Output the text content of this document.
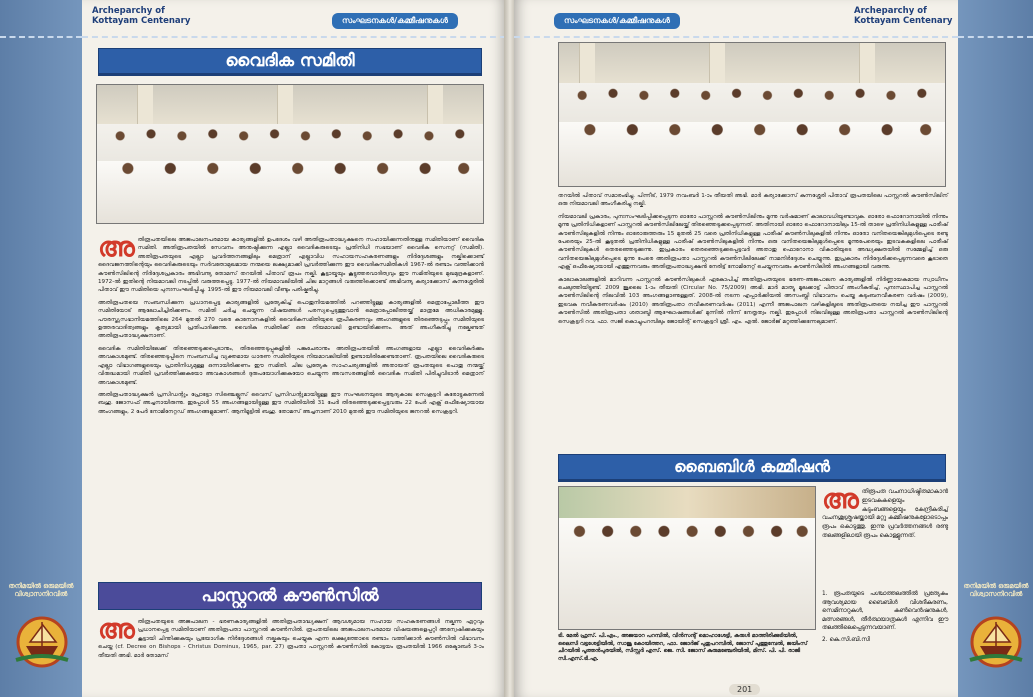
Archeparchy of
Kottayam Centenary	സംഘടനകൾ/കമ്മീഷനുകൾ
വൈദിക സമിതി

അതിരൂപതയിലെ അജപാലനപരമായ കാര്യങ്ങളിൽ ഉപദേശം വഴി അതിരൂപതാദ്ധ്യക്ഷനെ സഹായിക്കുന്നതിനുള്ള സമിതിയാണ് വൈദിക സമിതി. അതിരൂപതയിൽ സേവനം അനുഷ്ഠിക്കുന്ന എല്ലാ വൈദികരുടെയും പ്രതിനിധി സഭയാണ് വൈദിക സെനറ്റ് (സമിതി). അതിരൂപതയുടെ എല്ലാ പ്രവർത്തനങ്ങളിലും മെത്രാന് എല്ലാവിധ സഹായസഹകരണങ്ങളും നിർദ്ദേശങ്ങളും നല്കിക്കൊണ്ട് ദൈവജനത്തിന്റെയും വൈദികരുടെയും സർവതോമുഖമായ നന്മയെ ലക്ഷ്യമാക്കി പ്രവർത്തിക്കുന്ന ഈ വൈദികസമിതികൾ 1967-ൽ രണ്ടാം വത്തിക്കാൻ കൗൺസിലിന്റെ നിർദ്ദേശപ്രകാരം അഭിവന്ദ്യ തോമസ് തറയിൽ പിതാവ് രൂപം നല്കി. കൂട്ടായ്മയും കൂട്ടുത്തരവാദിത്വവും ഈ സമിതിയുടെ മുഖമുദ്രകളാണ്. 1972-ൽ ഇതിന്റെ നിയമാവലി നടപ്പിൽ വരുത്തപ്പെട്ടു. 1977-ൽ നിയമാവലിയിൽ ചില മാറ്റങ്ങൾ വരുത്തിക്കൊണ്ട് അഭിവന്ദ്യ കുര്യാക്കോസ് കുന്നശ്ശേരിൽ പിതാവ് ഈ സമിതിയെ പുനഃസംഘടിപ്പിച്ചു. 1995-ൽ ഈ നിയമാവലി വീണ്ടും പരിഷ്കരിച്ചു.

അതിരൂപതയെ സംബന്ധിക്കുന്ന പ്രധാനപ്പെട്ട കാര്യങ്ങളിൽ പ്രത്യേകിച്ച് പൊതുനിയമത്തിൽ പറഞ്ഞിട്ടുള്ള കാര്യങ്ങളിൽ മെത്രാപ്പോലീത്ത ഈ സമിതിയോട് ആലോചിച്ചിരിക്കണം. സമിതി ചർച്ച ചെയ്യുന്ന വിഷയങ്ങൾ പരസ്യപ്പെടുത്തുവാൻ മെത്രാപ്പോലീത്തയ്ക്ക് മാത്രമേ അധികാരമുള്ളൂ. പൗരസ്ത്യസഭാനിയമത്തിലെ 264 മുതൽ 270 വരെ കാനോനകളിൽ വൈദികസമിതിയുടെ രൂപീകരണവും അംഗങ്ങളുടെ തിരഞ്ഞെടുപ്പും സമിതിയുടെ ഉത്തരവാദിത്വങ്ങളും കൃത്യമായി പ്രതിപാദിക്കുന്നു. വൈദിക സമിതിക്ക് ഒരു നിയമാവലി ഉണ്ടായിരിക്കണം. അത് അംഗീകരിച്ചു നല്കേണ്ടത് അതിരൂപതാദ്ധ്യക്ഷനാണ്.

വൈദിക സമിതിയിലേക്ക് തിരഞ്ഞെടുക്കപ്പെടാനും, തിരഞ്ഞെടുപ്പുകളിൽ പങ്കുചേരാനും അതിരൂപതയിൽ അംഗങ്ങളായ എല്ലാ വൈദികർക്കും അവകാശമുണ്ട്. തിരഞ്ഞെടുപ്പിനെ സംബന്ധിച്ച വ്യക്തമായ ധാരണ സമിതിയുടെ നിയമാവലിയിൽ ഉണ്ടായിരിക്കേണ്ടതാണ്. രൂപതയിലെ വൈദികരുടെ എല്ലാ വിഭാഗങ്ങളുടെയും പ്രാതിനിധ്യമുള്ള ഒന്നായിരിക്കണം ഈ സമിതി. ചില പ്രത്യേക സാഹചര്യങ്ങളിൽ അതായത് രൂപതയുടെ പൊതു നന്മയ്ക്ക് വിരുദ്ധമായി സമിതി പ്രവർത്തിക്കുകയോ അവകാശങ്ങൾ ദുരുപയോഗിക്കുകയോ ചെയ്യുന്ന അവസരങ്ങളിൽ വൈദിക സമിതി പിരിച്ചുവിടാൻ മെത്രാന് അവകാശമുണ്ട്.

അതിരൂപതാദ്ധ്യക്ഷൻ പ്രസിഡന്റും പ്രോട്ടോ സിഞ്ചെല്ലൂസ് വൈസ് പ്രസിഡന്റുമായിട്ടുള്ള ഈ സംഘടനയുടെ ആദ്യകാല സെക്രട്ടറി കരോട്ടുകുന്നേൽ ബഹു. ജോസഫ് അച്ചനായിരുന്നു. ഇപ്പോൾ 55 അംഗങ്ങളായിട്ടുള്ള ഈ സമിതിയിൽ 31 പേർ തിരഞ്ഞെടുക്കപ്പെട്ടവരും 22 പേർ എക്സ് ഒഫീഷ്യോയായ അംഗങ്ങളും, 2 പേർ നോമിനേറ്റഡ് അംഗങ്ങളുമാണ്. ആനിമൂട്ടിൽ ബഹു. തോമസ് അച്ചനാണ് 2010 മുതൽ ഈ സമിതിയുടെ ജനറൽ സെക്രട്ടറി.

പാസ്റ്ററൽ കൗൺസിൽ

അതിരൂപതയുടെ അജപാലന - ഭരണകാര്യങ്ങളിൽ അതിരൂപതാദ്ധ്യക്ഷന് ആവശ്യമായ സഹായ സഹകരണങ്ങൾ നല്കുന്ന ഏറ്റവും പ്രധാനപ്പെട്ട സമിതിയാണ് അതിരൂപതാ പാസ്റ്ററൽ കൗൺസിൽ. രൂപതയിലെ അജപാലനപരമായ വിഷയങ്ങളെപ്പറ്റി അന്വേഷിക്കുകയും കൂട്ടായി ചിന്തിക്കുകയും പ്രയോഗിക നിർദ്ദേശങ്ങൾ നല്കുകയും ചെയ്യുക എന്ന ലക്ഷ്യത്തോടെ രണ്ടാം വത്തിക്കാൻ കൗൺസിൽ വിഭാവനം ചെയ്ത (cf. Decree on Bishops - Christus Dominus, 1965, par. 27) രൂപതാ പാസ്റ്ററൽ കൗൺസിൽ കോട്ടയം രൂപതയിൽ 1966 ഒക്ടോബർ 3-ാം തീയതി അഭി. മാർ തോമസ്

സംഘടനകൾ/കമ്മീഷനുകൾ
Archeparchy of
Kottayam Centenary

തറയിൽ പിതാവ് സമാരംഭിച്ചു. പിന്നീട്, 1979 നവംബർ 1-ാം തീയതി അഭി. മാർ കുര്യാക്കോസ് കുന്നശ്ശേരി പിതാവ് രൂപതയിലെ പാസ്റ്ററൽ കൗൺസിലിന് ഒരു നിയമാവലി അംഗീകരിച്ചു നല്കി.

നിയമാവലി പ്രകാരം, പുനഃസംഘടിപ്പിക്കപ്പെടുന്ന ഓരോ പാസ്റ്ററൽ കൗൺസിലിനും മൂന്നു വർഷമാണ് കാലാവധിയുണ്ടാവുക. ഓരോ ഫൊറോനായിൽ നിന്നും മൂന്നു പ്രതിനിധികളാണ് പാസ്റ്ററൽ കൗൺസിലിലേയ്ക്ക് തിരഞ്ഞെടുക്കപ്പെടുന്നത്. അതിനായി ഓരോ ഫൊറോനായിലും 15-ൽ താഴെ പ്രതിനിധികളുള്ള പാരീഷ് കൗൺസിലുകളിൽ നിന്നും ഓരോരുത്തരും 15 മുതൽ 25 വരെ പ്രതിനിധികളുള്ള പാരീഷ് കൗൺസിലുകളിൽ നിന്നും ഓരോ വനിതയെങ്കിലുമുൾപ്പെടെ രണ്ടു പേരെയും 25-ൽ കൂടുതൽ പ്രതിനിധികളുള്ള പാരീഷ് കൗൺസിലുകളിൽ നിന്നും ഒരു വനിതയെങ്കിലുമുൾപ്പെടെ മൂന്നുപേരെയും ഇടവകകളിലെ പാരീഷ് കൗൺസിലുകൾ തെരഞ്ഞെടുക്കുന്നു. ഇപ്രകാരം തെരഞ്ഞെടുക്കപ്പെട്ടവർ അതാതു ഫൊറോനാ വികാരിയുടെ അദ്ധ്യക്ഷതയിൽ സമ്മേളിച്ച് ഒരു വനിതയെങ്കിലുമുൾപ്പെടെ മൂന്നു പേരെ അതിരൂപതാ പാസ്റ്ററൽ കൗൺസിലിലേക്ക് നാമനിർദ്ദേശം ചെയ്യുന്നു. ഇപ്രകാരം നിർദ്ദേശിക്കപ്പെടുന്നവരെ കൂടാതെ എക്സ് ഒഫീഷ്യോയായി എത്തുന്നവരും അതിരൂപതാദ്ധ്യക്ഷൻ നേരിട്ട് നോമിനേറ്റ് ചെയ്യുന്നവരും കൗൺസിലിൽ അംഗങ്ങളായി വരുന്നു.

കാലാകാലങ്ങളിൽ മാറിവന്ന പാസ്റ്ററൽ കൗൺസിലുകൾ ഏകോപിച്ച് അതിരൂപതയുടെ ഭരണ-അജപാലന കാര്യങ്ങളിൽ നിർണ്ണായകമായ സ്വാധീനം ചെലുത്തിയിട്ടുണ്ട്. 2009 ജൂലൈ 1-ാം തീയതി (Circular No. 75/2009) അഭി. മാർ മാത്യു മൂലക്കാട്ട് പിതാവ് അംഗീകരിച്ച്, പുനഃസ്ഥാപിച്ച പാസ്റ്ററൽ കൗൺസിലിന്റെ നിലവിൽ 103 അംഗങ്ങളാണുള്ളത്. 2008-ൽ നടന്ന എപ്പാർക്കിയൽ അസംബ്ലി വിഭാവനം ചെയ്ത കുടുംബനവീകരണ വർഷം (2009), ഇടവക നവീകരണവർഷം (2010) അതിരൂപതാ നവീകരണവർഷം (2011) എന്നീ അജപാലന വഴികളിലൂടെ അതിരൂപതയെ നയിച്ച ഈ പാസ്റ്ററൽ കൗൺസിൽ അതിരൂപതാ ശതാബ്ദി ആഘോഷങ്ങൾക്ക് മുന്നിൽ നിന്ന് നേതൃത്വം നല്കി. ഇപ്പോൾ നിലവിലുള്ള അതിരൂപതാ പാസ്റ്ററൽ കൗൺസിലിന്റെ സെക്രട്ടറി റവ. ഫാ. സജി കൊച്ചുപറമ്പിലും ജോയിന്റ് സെക്രട്ടറി ശ്രീ. എം. എൽ. ജോർജ് മറ്റത്തിക്കുന്നേലുമാണ്.

ബൈബിൾ കമ്മീഷൻ
ടി. മേൽ ഫ്രസ്. പി.എം., അജയാറ പറമ്പിൽ, വിൻസന്റ് മൊഹാശേട്ടി, കരുൾ മാത്തിരിക്കുടിയിൽ, ലൈസി വട്ടശേട്ടിയിൽ, സാജു കോയിത്തറ, ഫാ. ജോർജ് പുതുപറമ്പിൽ, ജോസ് പുത്തുമ്പേൽ, ജയിംസ് ചിറയിൽ പൂത്തൻപുരയിൽ, സിസ്റ്റർ എസ്. ജെ. സി. ജോസ് കുരുമഞ്ചേരിയിൽ, മിസ്. പി. പി. രാജി സി.എസ്.ടി.എ.

അതിരൂപത വചനാധിഷ്ഠിതമാകാൻ ഇടവകകളെയും കുടുംബങ്ങളെയും കേന്ദ്രീകരിച്ച് വചനശുശ്രൂഷയ്ക്കായി മറ്റു കമ്മീഷനുകളോടൊപ്പം രൂപം കൊടുത്തു. ഇന്നു പ്രവർത്തനങ്ങൾ രണ്ടു തലങ്ങളിലായി രൂപം കൊള്ളുന്നത്.

1. രൂപതയുടെ പശ്ചാത്തലത്തിൽ പ്രത്യേകം ആവശ്യമായ ബൈബിൾ വിശദീകരണം, സെമിനാറുകൾ, കൺവെൻഷനുകൾ, മത്സരങ്ങൾ, തീർത്ഥയാത്രകൾ എന്നിവ ഈ തലത്തിലെപ്പെടുന്നവയാണ്.
2. കെ.സി.ബി.സി
201
തനിമയിൽ ഒരുമയിൽ വിശ്വാസനിറവിൽ
തനിമയിൽ ഒരുമയിൽ വിശ്വാസനിറവിൽ
